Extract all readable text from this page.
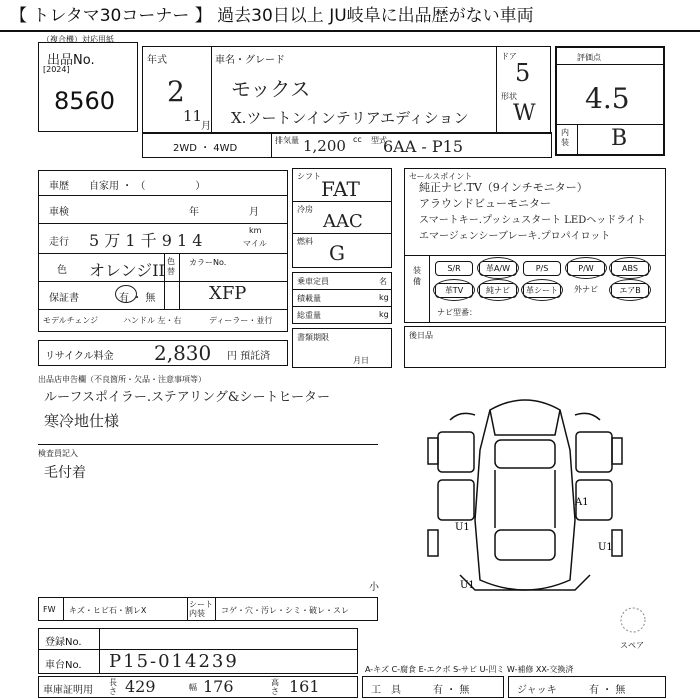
【 トレタマ30コーナー 】 過去30日以上 JU岐阜に出品歴がない車両
（複合機）対応用紙
出品No.
[2024]
8560
年式	車名・グレード
2
11
月
モックス
X.ツートンインテリアエディション
ドア
5
形状
W
評価点
4.5
内装 B
2WD ・ 4WD
排気量 1,200 cc 型式
6AA - P15
車歴 自家用 ・ （　　　　　）
車検	年	月
走行 5 万 1 千 9 1 4
km
マイル
色 オレンジII 色替
カラーNo.
XFP
保証書	有 ・ 無
モデルチェンジ	ハンドル 左・右	ディーラー・並行
リサイクル料金 2,830 円 預託済
シフト
FAT
冷房
AAC
燃料 G
乗車定員	名
積載量	kg
総重量	kg
書類期限
月日
セールスポイント
純正ナビ.TV（9インチモニター）
アラウンドビューモニター
スマートキー.プッシュスタート LEDヘッドライト
エマージェンシーブレーキ.プロパイロット
装備
S/R	革A/W	P/S	P/W	ABS
革TV	純ナビ	革シート	外ナビ	エアB
ナビ型番：
後日品
出品店申告欄（不良箇所・欠品・注意事項等）
ルーフスポイラー.ステアリング&シートヒーター
寒冷地仕様
検査員記入
毛付着
A1
U1
U1
U1
スペア
FW キズ・ヒビ石・割レX
シート内装	コゲ・穴・汚レ・シミ・破レ・スレ
小
登録No.
車台No. P15-014239	A-キズ C-腐食 E-エクボ S-サビ U-凹ミ W-補修 XX-交換済
車庫証明用
長さ 429	幅 176	高さ 161	工　具	有 ・ 無	ジャッキ	有 ・ 無
